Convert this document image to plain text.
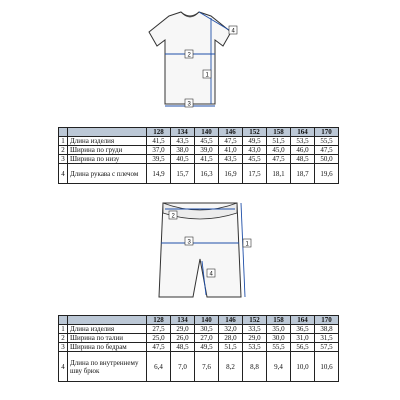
1
2
3
4
		128	134	140	146	152	158	164	170
1	Длина изделия	41,5	43,5	45,5	47,5	49,5	51,5	53,5	55,5
2	Ширина по груди	37,0	38,0	39,0	41,0	43,0	45,0	46,0	47,5
3	Ширина по низу	39,5	40,5	41,5	43,5	45,5	47,5	48,5	50,0
4	Длина рукава с плечом	14,9	15,7	16,3	16,9	17,5	18,1	18,7	19,6
1
2
3
4
		128	134	140	146	152	158	164	170
1	Длина изделия	27,5	29,0	30,5	32,0	33,5	35,0	36,5	38,8
2	Ширина по талии	25,0	26,0	27,0	28,0	29,0	30,0	31,0	31,5
3	Ширина по бедрам	47,5	48,5	49,5	51,5	53,5	55,5	56,5	57,5
4	Длина по внутреннему шву брюк	6,4	7,0	7,6	8,2	8,8	9,4	10,0	10,6
